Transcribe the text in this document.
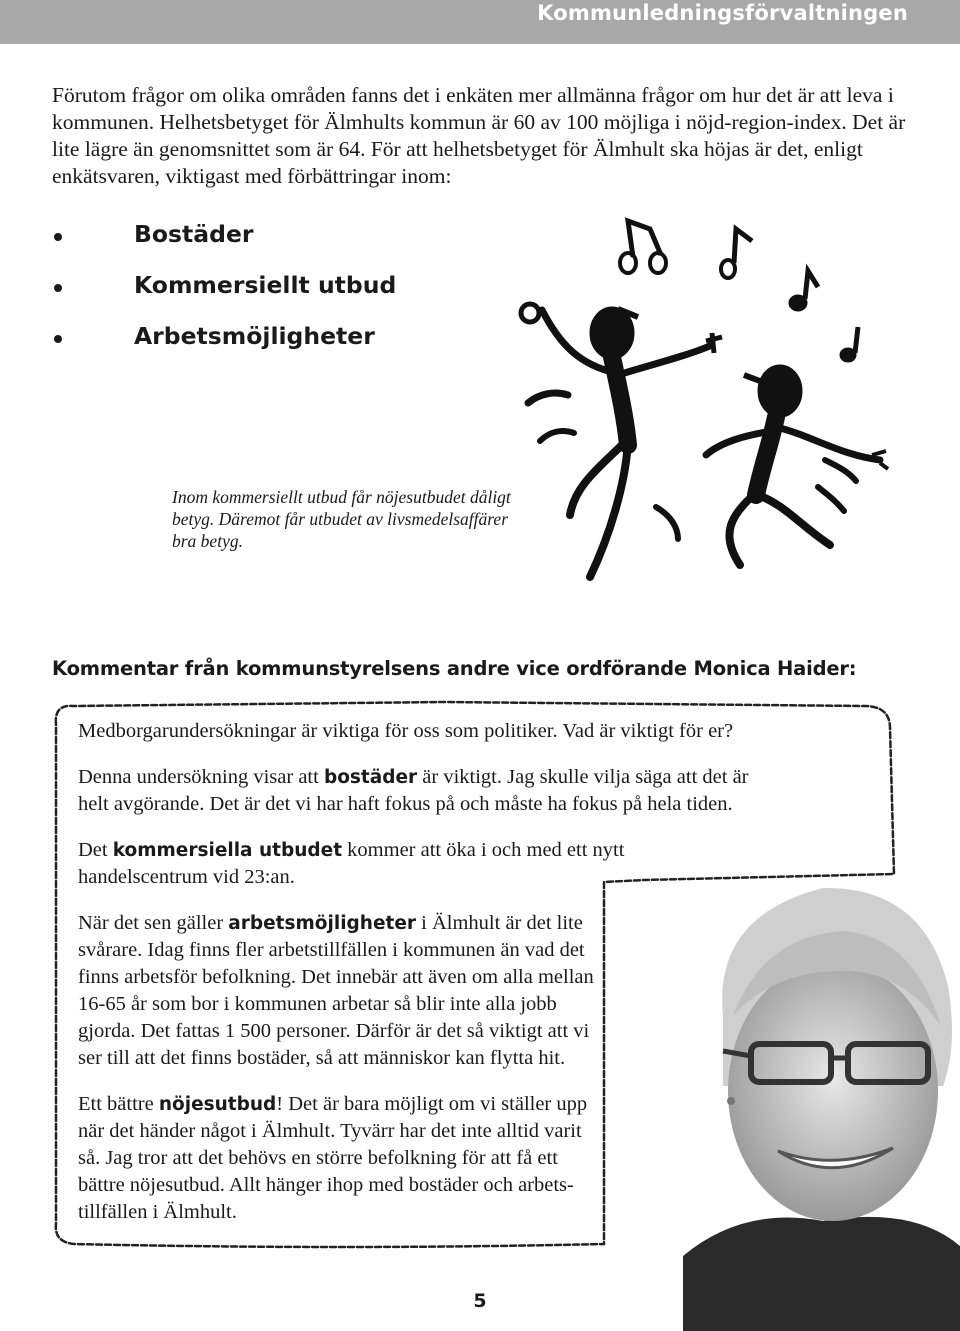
Kommunledningsförvaltningen

Förutom frågor om olika områden fanns det i enkäten mer allmänna frågor om hur det är att leva i kommunen. Helhetsbetyget för Älmhults kommun är 60 av 100 möjliga i nöjd-region-index. Det är lite lägre än genomsnittet som är 64. För att helhetsbetyget för Älmhult ska höjas är det, enligt enkätsvaren, viktigast med förbättringar inom:

Bostäder
Kommersiellt utbud
Arbetsmöjligheter

Inom kommersiellt utbud får nöjesutbudet dåligt betyg. Däremot får utbudet av livsmedelsaffärer bra betyg.

Kommentar från kommunstyrelsens andre vice ordförande Monica Haider:

Medborgarundersökningar är viktiga för oss som politiker. Vad är viktigt för er?

Denna undersökning visar att bostäder är viktigt. Jag skulle vilja säga att det är
helt avgörande. Det är det vi har haft fokus på och måste ha fokus på hela tiden.

Det kommersiella utbudet kommer att öka i och med ett nytt
handelscentrum vid 23:an.

När det sen gäller arbetsmöjligheter i Älmhult är det lite
svårare. Idag finns fler arbetstillfällen i kommunen än vad det
finns arbetsför befolkning. Det innebär att även om alla mellan
16-65 år som bor i kommunen arbetar så blir inte alla jobb
gjorda. Det fattas 1 500 personer. Därför är det så viktigt att vi
ser till att det finns bostäder, så att människor kan flytta hit.

Ett bättre nöjesutbud! Det är bara möjligt om vi ställer upp
när det händer något i Älmhult. Tyvärr har det inte alltid varit
så. Jag tror att det behövs en större befolkning för att få ett
bättre nöjesutbud. Allt hänger ihop med bostäder och arbets-
tillfällen i Älmhult.

5
